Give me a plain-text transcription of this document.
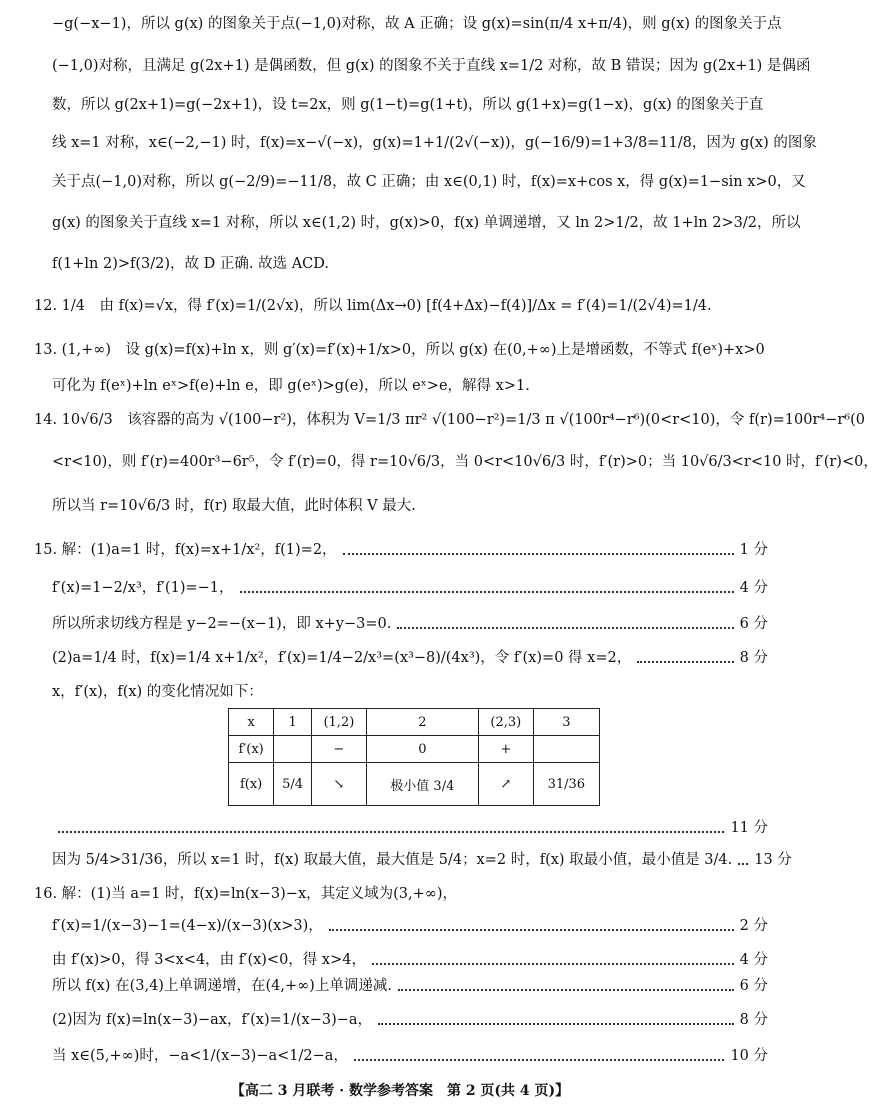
−g(−x−1)，所以 g(x) 的图象关于点(−1,0)对称，故 A 正确；设 g(x)=sin(π/4 x+π/4)，则 g(x) 的图象关于点
(−1,0)对称，且满足 g(2x+1) 是偶函数，但 g(x) 的图象不关于直线 x=1/2 对称，故 B 错误；因为 g(2x+1) 是偶函
数，所以 g(2x+1)=g(−2x+1)，设 t=2x，则 g(1−t)=g(1+t)，所以 g(1+x)=g(1−x)，g(x) 的图象关于直
线 x=1 对称，x∈(−2,−1) 时，f(x)=x−√(−x)，g(x)=1+1/(2√(−x))，g(−16/9)=1+3/8=11/8，因为 g(x) 的图象
关于点(−1,0)对称，所以 g(−2/9)=−11/8，故 C 正确；由 x∈(0,1) 时，f(x)=x+cos x，得 g(x)=1−sin x>0，又
g(x) 的图象关于直线 x=1 对称，所以 x∈(1,2) 时，g(x)>0，f(x) 单调递增，又 ln 2>1/2，故 1+ln 2>3/2，所以
f(1+ln 2)>f(3/2)，故 D 正确. 故选 ACD.
12. 1/4　由 f(x)=√x，得 f′(x)=1/(2√x)，所以 lim(Δx→0) [f(4+Δx)−f(4)]/Δx = f′(4)=1/(2√4)=1/4.
13. (1,+∞)　设 g(x)=f(x)+ln x，则 g′(x)=f′(x)+1/x>0，所以 g(x) 在(0,+∞)上是增函数，不等式 f(eˣ)+x>0
可化为 f(eˣ)+ln eˣ>f(e)+ln e，即 g(eˣ)>g(e)，所以 eˣ>e，解得 x>1.
14. 10√6/3　该容器的高为 √(100−r²)，体积为 V=1/3 πr² √(100−r²)=1/3 π √(100r⁴−r⁶)(0<r<10)，令 f(r)=100r⁴−r⁶(0
<r<10)，则 f′(r)=400r³−6r⁵，令 f′(r)=0，得 r=10√6/3，当 0<r<10√6/3 时，f′(r)>0；当 10√6/3<r<10 时，f′(r)<0，
所以当 r=10√6/3 时，f(r) 取最大值，此时体积 V 最大.
15. 解：(1)a=1 时，f(x)=x+1/x²，f(1)=2，	1 分
f′(x)=1−2/x³，f′(1)=−1，	4 分
所以所求切线方程是 y−2=−(x−1)，即 x+y−3=0.	6 分
(2)a=1/4 时，f(x)=1/4 x+1/x²，f′(x)=1/4−2/x³=(x³−8)/(4x³)，令 f′(x)=0 得 x=2，	8 分
x，f′(x)，f(x) 的变化情况如下：
x	1	(1,2)	2	(2,3)	3
f′(x)		−	0	+	
f(x)	5/4	↘	极小值 3/4	↗	31/36
11 分
因为 5/4>31/36，所以 x=1 时，f(x) 取最大值，最大值是 5/4；x=2 时，f(x) 取最小值，最小值是 3/4. 13 分
16. 解：(1)当 a=1 时，f(x)=ln(x−3)−x，其定义域为(3,+∞)，
f′(x)=1/(x−3)−1=(4−x)/(x−3)(x>3)，	2 分
由 f′(x)>0，得 3<x<4，由 f′(x)<0，得 x>4，	4 分
所以 f(x) 在(3,4)上单调递增，在(4,+∞)上单调递减.	6 分
(2)因为 f(x)=ln(x−3)−ax，f′(x)=1/(x−3)−a，	8 分
当 x∈(5,+∞)时，−a<1/(x−3)−a<1/2−a，	10 分
【高二 3 月联考 · 数学参考答案　第 2 页(共 4 页)】
